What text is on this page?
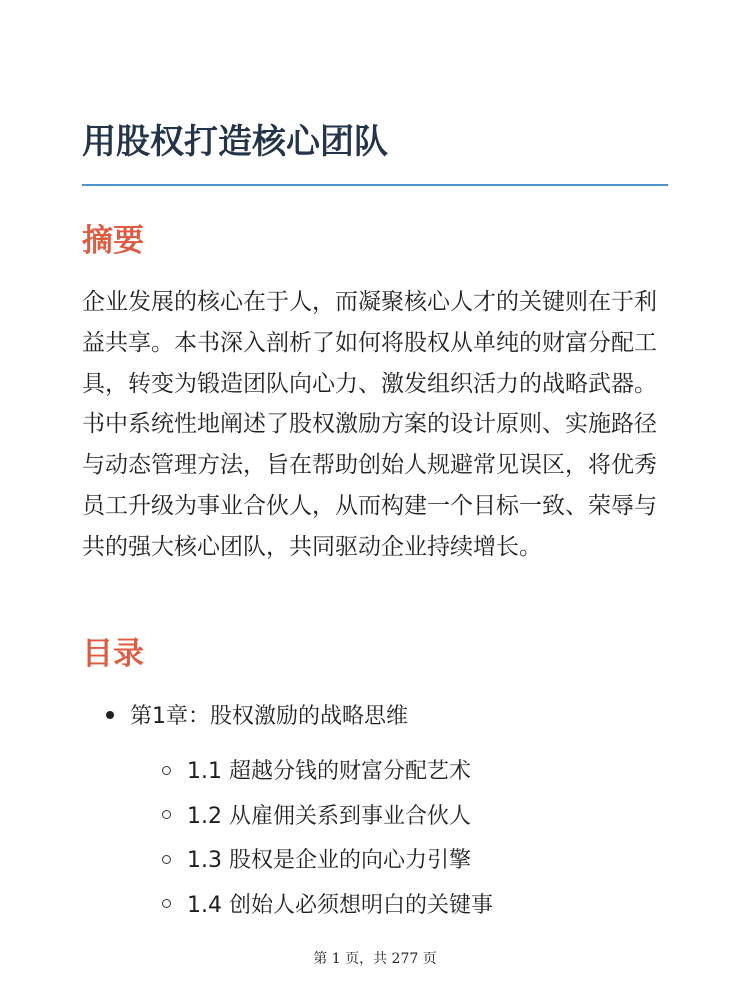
用股权打造核心团队
摘要

企业发展的核心在于人，而凝聚核心人才的关键则在于利益共享。本书深入剖析了如何将股权从单纯的财富分配工具，转变为锻造团队向心力、激发组织活力的战略武器。书中系统性地阐述了股权激励方案的设计原则、实施路径与动态管理方法，旨在帮助创始人规避常见误区，将优秀员工升级为事业合伙人，从而构建一个目标一致、荣辱与共的强大核心团队，共同驱动企业持续增长。

目录
第1章：股权激励的战略思维
1.1 超越分钱的财富分配艺术
1.2 从雇佣关系到事业合伙人
1.3 股权是企业的向心力引擎
1.4 创始人必须想明白的关键事
第 1 页，共 277 页
